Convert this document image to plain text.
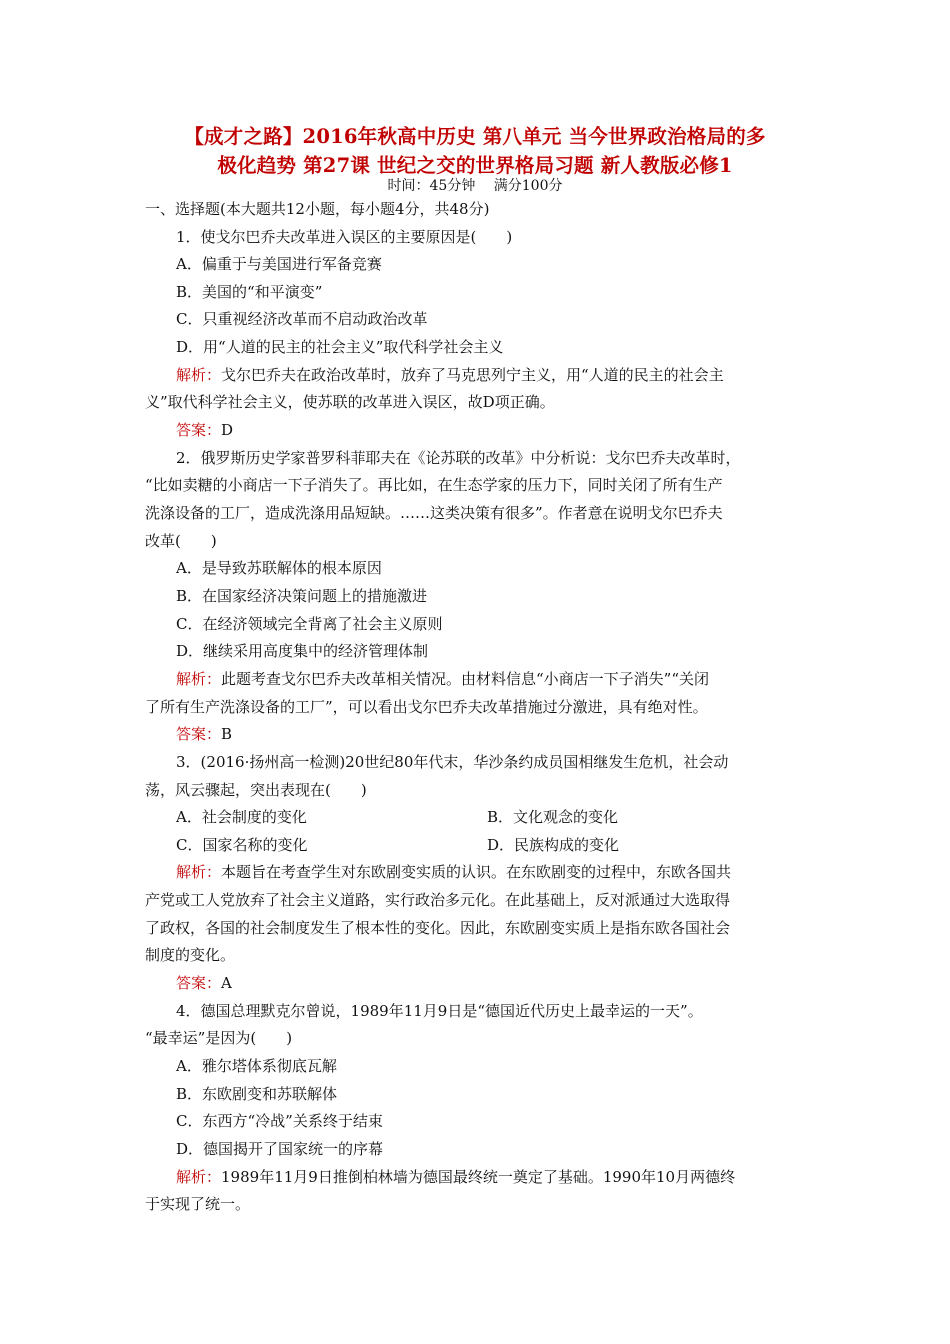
【成才之路】2016年秋高中历史 第八单元 当今世界政治格局的多
极化趋势 第27课 世纪之交的世界格局习题 新人教版必修1
时间：45分钟　 满分100分
一、选择题(本大题共12小题，每小题4分，共48分)
1．使戈尔巴乔夫改革进入误区的主要原因是(　　)
A．偏重于与美国进行军备竞赛
B．美国的“和平演变”
C．只重视经济改革而不启动政治改革
D．用“人道的民主的社会主义”取代科学社会主义
解析：戈尔巴乔夫在政治改革时，放弃了马克思列宁主义，用“人道的民主的社会主
义”取代科学社会主义，使苏联的改革进入误区，故D项正确。
答案：D
2．俄罗斯历史学家普罗科菲耶夫在《论苏联的改革》中分析说：戈尔巴乔夫改革时，
“比如卖糖的小商店一下子消失了。再比如，在生态学家的压力下，同时关闭了所有生产
洗涤设备的工厂，造成洗涤用品短缺。……这类决策有很多”。作者意在说明戈尔巴乔夫
改革(　　)
A．是导致苏联解体的根本原因
B．在国家经济决策问题上的措施激进
C．在经济领域完全背离了社会主义原则
D．继续采用高度集中的经济管理体制
解析：此题考查戈尔巴乔夫改革相关情况。由材料信息“小商店一下子消失”“关闭
了所有生产洗涤设备的工厂”，可以看出戈尔巴乔夫改革措施过分激进，具有绝对性。
答案：B
3．(2016·扬州高一检测)20世纪80年代末，华沙条约成员国相继发生危机，社会动
荡，风云骤起，突出表现在(　　)
A．社会制度的变化	B．文化观念的变化
C．国家名称的变化	D．民族构成的变化
解析：本题旨在考查学生对东欧剧变实质的认识。在东欧剧变的过程中，东欧各国共
产党或工人党放弃了社会主义道路，实行政治多元化。在此基础上，反对派通过大选取得
了政权，各国的社会制度发生了根本性的变化。因此，东欧剧变实质上是指东欧各国社会
制度的变化。
答案：A
4．德国总理默克尔曾说，1989年11月9日是“德国近代历史上最幸运的一天”。
“最幸运”是因为(　　)
A．雅尔塔体系彻底瓦解
B．东欧剧变和苏联解体
C．东西方“冷战”关系终于结束
D．德国揭开了国家统一的序幕
解析：1989年11月9日推倒柏林墙为德国最终统一奠定了基础。1990年10月两德终
于实现了统一。
